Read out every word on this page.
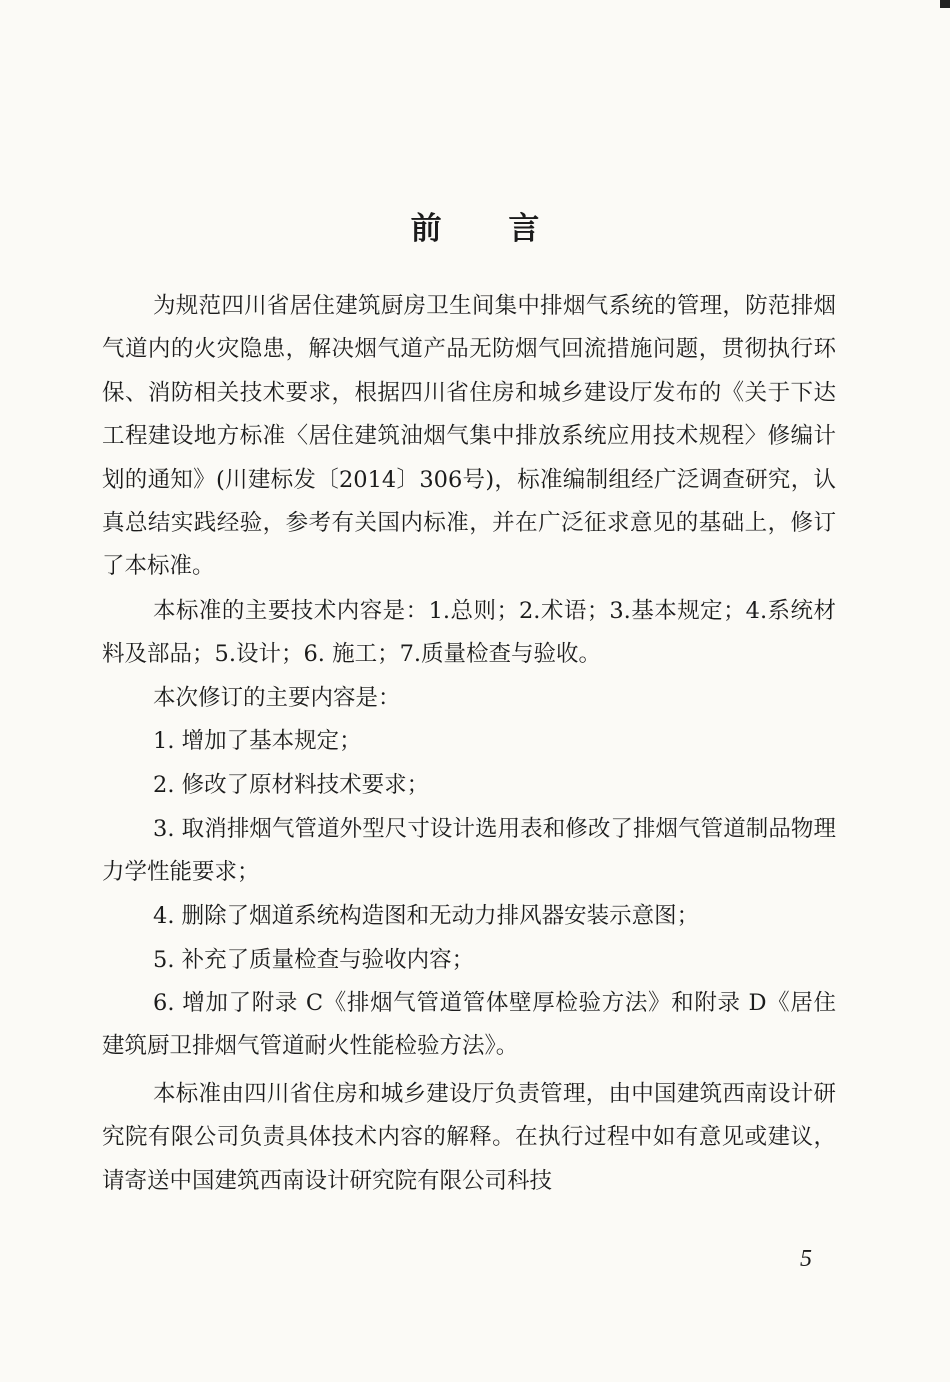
前 言

为规范四川省居住建筑厨房卫生间集中排烟气系统的管理，防范排烟气道内的火灾隐患，解决烟气道产品无防烟气回流措施问题，贯彻执行环保、消防相关技术要求，根据四川省住房和城乡建设厅发布的《关于下达工程建设地方标准〈居住建筑油烟气集中排放系统应用技术规程〉修编计划的通知》(川建标发〔2014〕306号)，标准编制组经广泛调查研究，认真总结实践经验，参考有关国内标准，并在广泛征求意见的基础上，修订了本标准。

本标准的主要技术内容是：1.总则；2.术语；3.基本规定；4.系统材料及部品；5.设计；6. 施工；7.质量检查与验收。

本次修订的主要内容是：

1. 增加了基本规定；

2. 修改了原材料技术要求；

3. 取消排烟气管道外型尺寸设计选用表和修改了排烟气管道制品物理力学性能要求；

4. 删除了烟道系统构造图和无动力排风器安装示意图；

5. 补充了质量检查与验收内容；

6. 增加了附录 C《排烟气管道管体壁厚检验方法》和附录 D《居住建筑厨卫排烟气管道耐火性能检验方法》。

本标准由四川省住房和城乡建设厅负责管理，由中国建筑西南设计研究院有限公司负责具体技术内容的解释。在执行过程中如有意见或建议，请寄送中国建筑西南设计研究院有限公司科技

5
